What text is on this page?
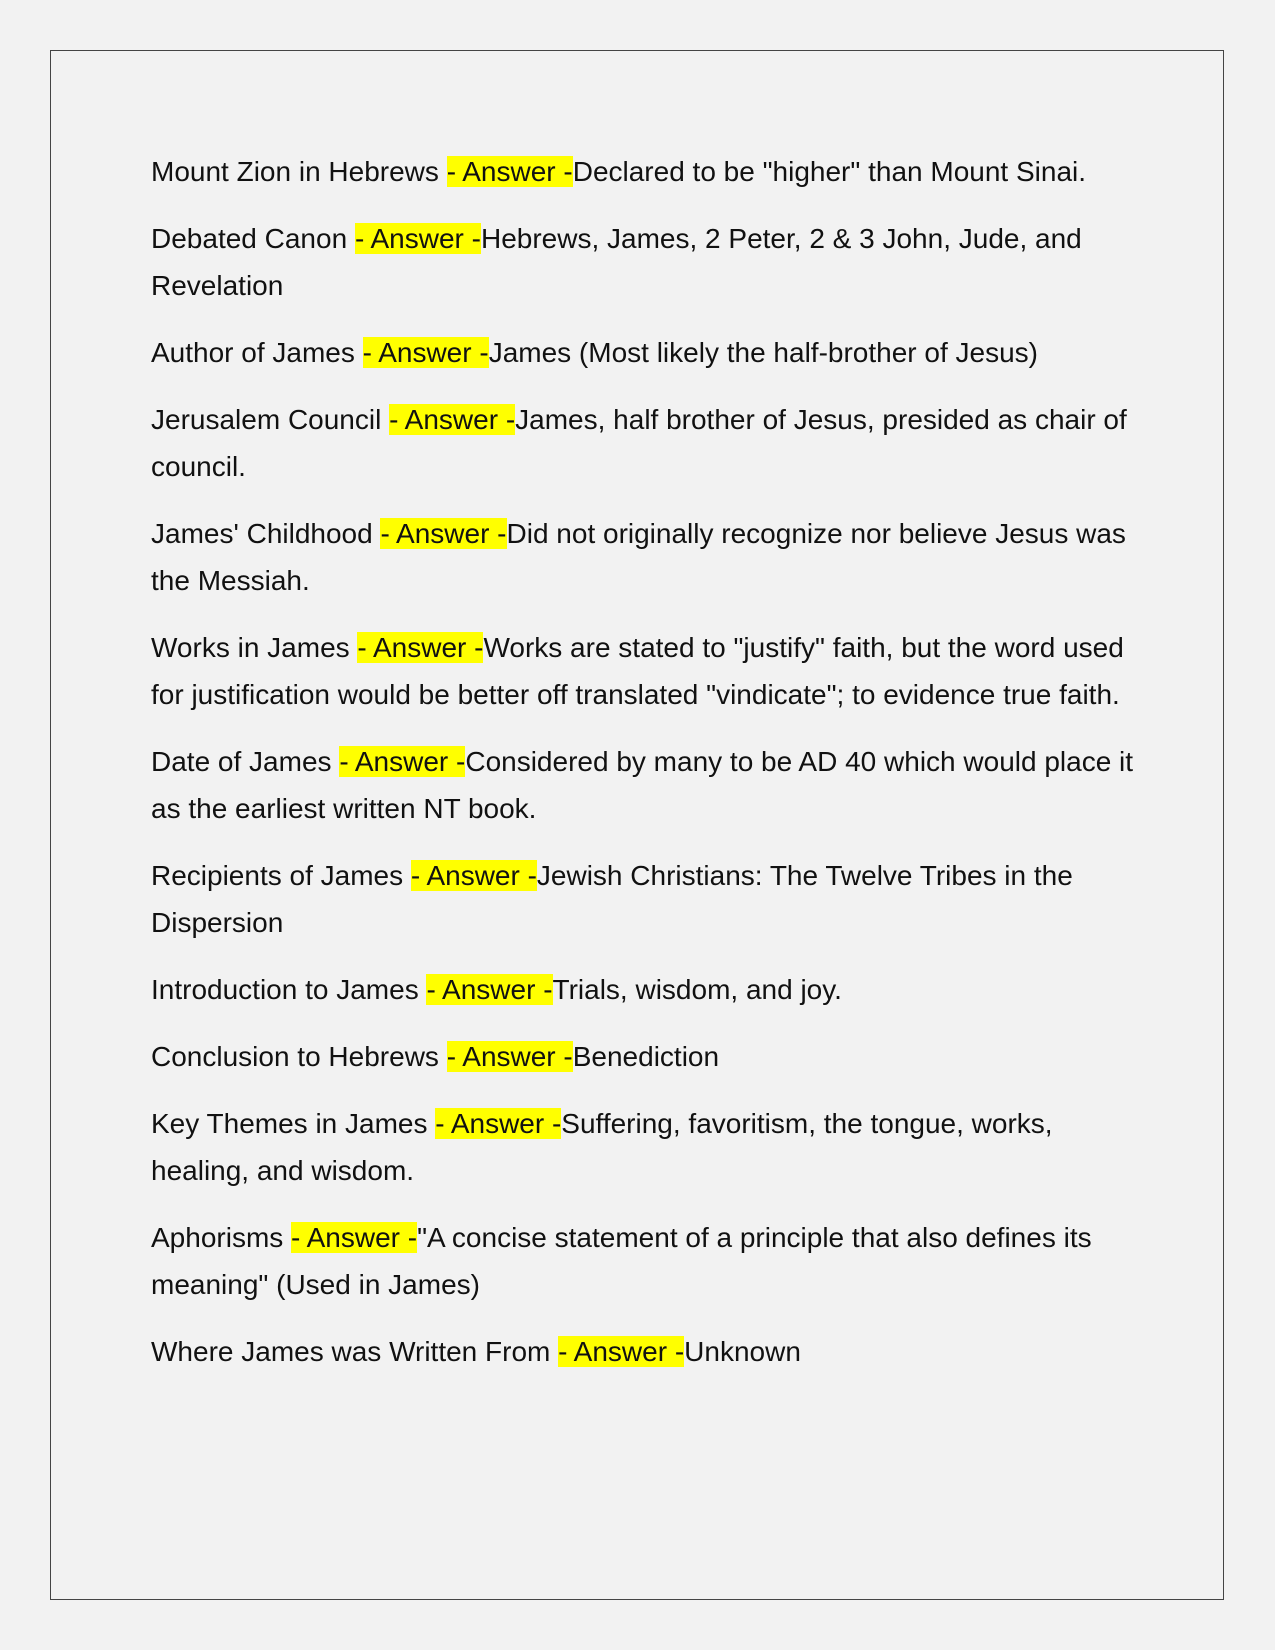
Mount Zion in Hebrews - Answer -Declared to be "higher" than Mount Sinai.

Debated Canon - Answer -Hebrews, James, 2 Peter, 2 & 3 John, Jude, and Revelation

Author of James - Answer -James (Most likely the half-brother of Jesus)

Jerusalem Council - Answer -James, half brother of Jesus, presided as chair of council.

James' Childhood - Answer -Did not originally recognize nor believe Jesus was the Messiah.

Works in James - Answer -Works are stated to "justify" faith, but the word used for justification would be better off translated "vindicate"; to evidence true faith.

Date of James - Answer -Considered by many to be AD 40 which would place it as the earliest written NT book.

Recipients of James - Answer -Jewish Christians: The Twelve Tribes in the Dispersion

Introduction to James - Answer -Trials, wisdom, and joy.

Conclusion to Hebrews - Answer -Benediction

Key Themes in James - Answer -Suffering, favoritism, the tongue, works, healing, and wisdom.

Aphorisms - Answer -"A concise statement of a principle that also defines its meaning" (Used in James)

Where James was Written From - Answer -Unknown
